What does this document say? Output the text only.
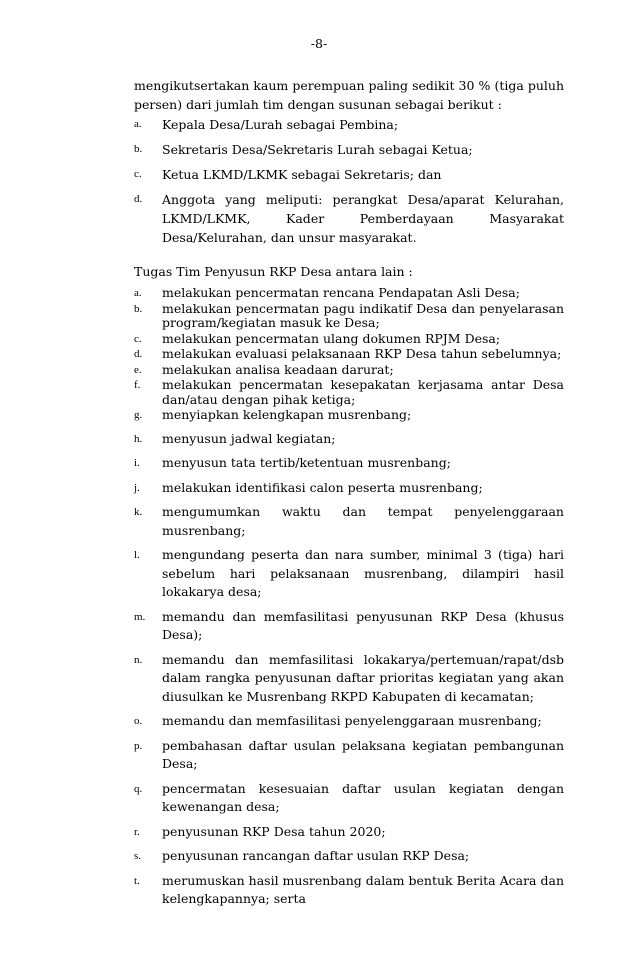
-8-
mengikutsertakan kaum perempuan paling sedikit 30 % (tiga puluh persen) dari jumlah tim dengan susunan sebagai berikut :
a. Kepala Desa/Lurah sebagai Pembina;
b. Sekretaris Desa/Sekretaris Lurah sebagai Ketua;
c. Ketua LKMD/LKMK sebagai Sekretaris; dan
d. Anggota yang meliputi: perangkat Desa/aparat Kelurahan, LKMD/LKMK, Kader Pemberdayaan Masyarakat Desa/Kelurahan, dan unsur masyarakat.
Tugas Tim Penyusun RKP Desa antara lain :
a. melakukan pencermatan rencana Pendapatan Asli Desa;
b. melakukan pencermatan pagu indikatif Desa dan penyelarasan program/kegiatan masuk ke Desa;
c. melakukan pencermatan ulang dokumen RPJM Desa;
d. melakukan evaluasi pelaksanaan RKP Desa tahun sebelumnya;
e. melakukan analisa keadaan darurat;
f. melakukan pencermatan kesepakatan kerjasama antar Desa dan/atau dengan pihak ketiga;
g. menyiapkan kelengkapan musrenbang;
h. menyusun jadwal kegiatan;
i. menyusun tata tertib/ketentuan musrenbang;
j. melakukan identifikasi calon peserta musrenbang;
k. mengumumkan waktu dan tempat penyelenggaraan musrenbang;
l. mengundang peserta dan nara sumber, minimal 3 (tiga) hari sebelum hari pelaksanaan musrenbang, dilampiri hasil lokakarya desa;
m. memandu dan memfasilitasi penyusunan RKP Desa (khusus Desa);
n. memandu dan memfasilitasi lokakarya/pertemuan/rapat/dsb dalam rangka penyusunan daftar prioritas kegiatan yang akan diusulkan ke Musrenbang RKPD Kabupaten di kecamatan;
o. memandu dan memfasilitasi penyelenggaraan musrenbang;
p. pembahasan daftar usulan pelaksana kegiatan pembangunan Desa;
q. pencermatan kesesuaian daftar usulan kegiatan dengan kewenangan desa;
r. penyusunan RKP Desa tahun 2020;
s. penyusunan rancangan daftar usulan RKP Desa;
t. merumuskan hasil musrenbang dalam bentuk Berita Acara dan kelengkapannya; serta
